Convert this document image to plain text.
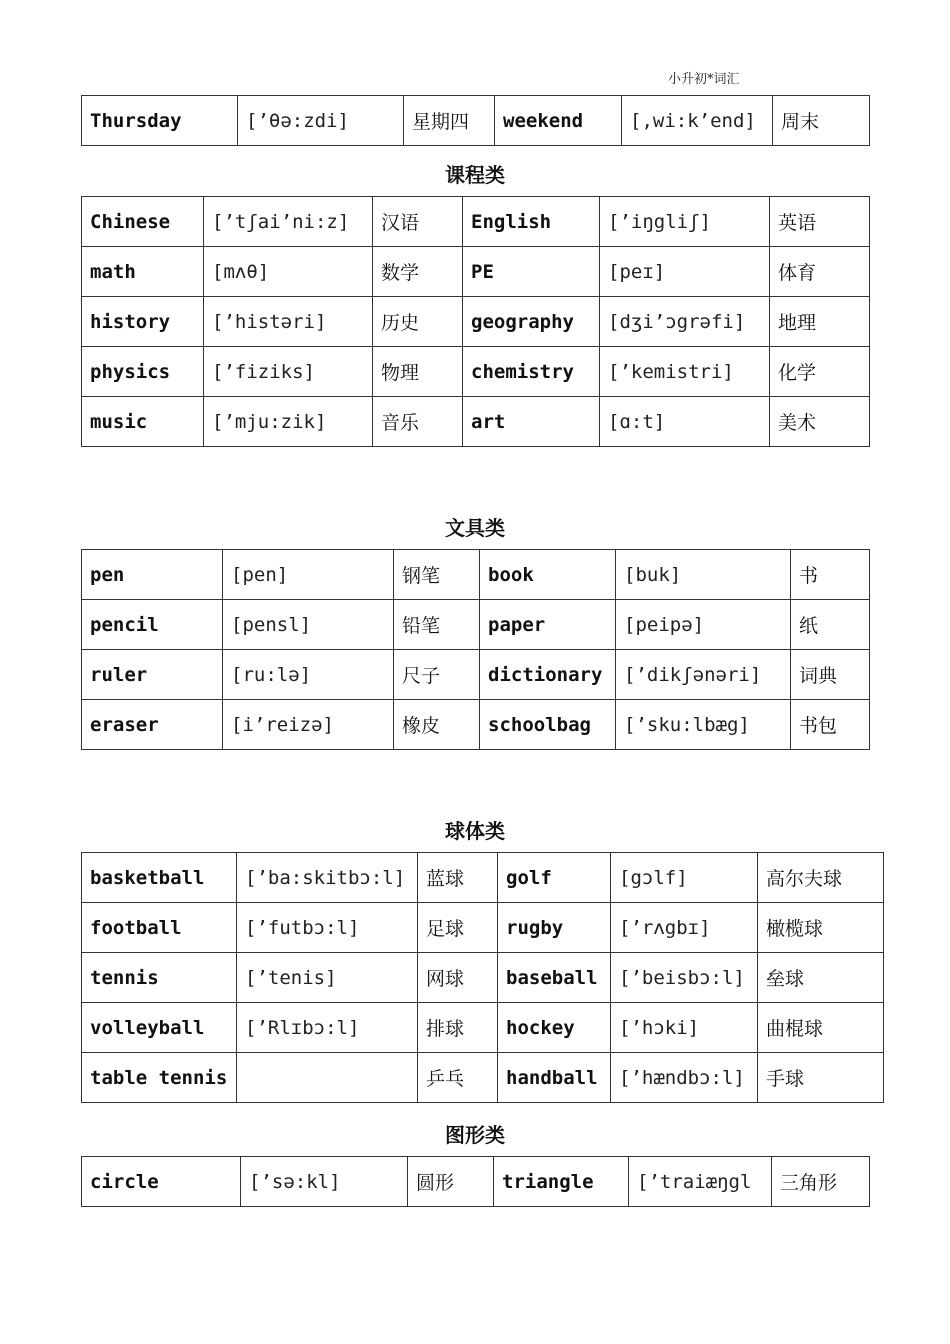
小升初*词汇
Thursday	[’θə:zdi]	星期四	weekend	[,wi:k’end]	周末
课程类
Chinese	[’tʃai’ni:z]	汉语	English	[’iŋgliʃ]	英语
math	[mʌθ]	数学	PE	[peɪ]	体育
history	[’histəri]	历史	geography	[dʒi’ɔgrəfi]	地理
physics	[’fiziks]	物理	chemistry	[’kemistri]	化学
music	[’mju:zik]	音乐	art	[ɑ:t]	美术
文具类
pen	[pen]	钢笔	book	[buk]	书
pencil	[pensl]	铅笔	paper	[peipə]	纸
ruler	[ru:lə]	尺子	dictionary	[’dikʃənəri]	词典
eraser	[i’reizə]	橡皮	schoolbag	[’sku:lbæg]	书包
球体类
basketball	[’ba:skitbɔ:l]	蓝球	golf	[gɔlf]	高尔夫球
football	[’futbɔ:l]	足球	rugby	[’rʌgbɪ]	橄榄球
tennis	[’tenis]	网球	baseball	[’beisbɔ:l]	垒球
volleyball	[’Rlɪbɔ:l]	排球	hockey	[’hɔki]	曲棍球
table tennis		乒乓	handball	[’hændbɔ:l]	手球
图形类
circle	[’sə:kl]	圆形	triangle	[’traiæŋgl	三角形
